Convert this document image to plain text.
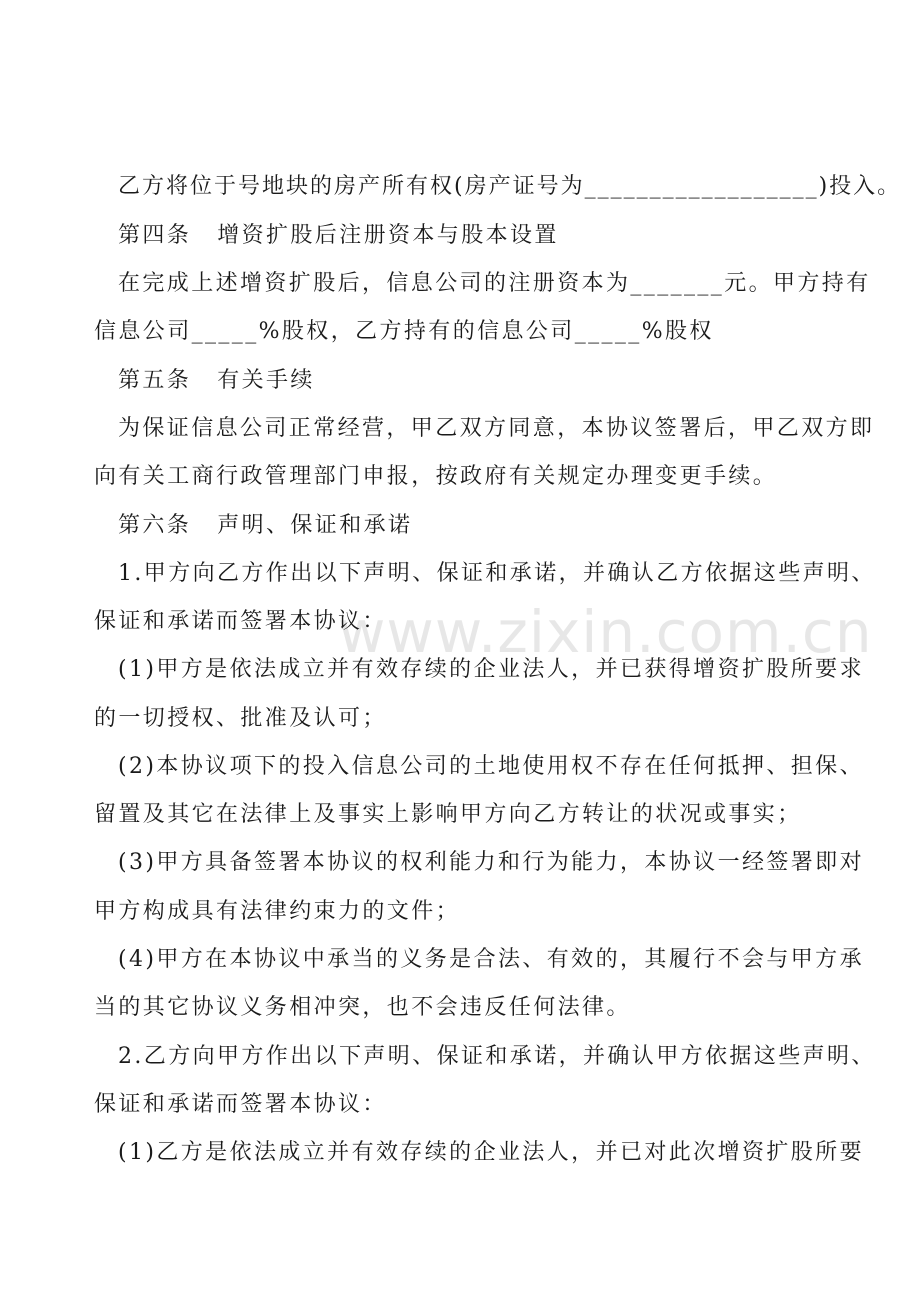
www.zixin.com.cn
乙方将位于号地块的房产所有权(房产证号为__________________)投入。
第四条 增资扩股后注册资本与股本设置
在完成上述增资扩股后，信息公司的注册资本为_______元。甲方持有
信息公司_____%股权，乙方持有的信息公司_____%股权
第五条 有关手续
为保证信息公司正常经营，甲乙双方同意，本协议签署后，甲乙双方即
向有关工商行政管理部门申报，按政府有关规定办理变更手续。
第六条 声明、保证和承诺
1.甲方向乙方作出以下声明、保证和承诺，并确认乙方依据这些声明、
保证和承诺而签署本协议：
(1)甲方是依法成立并有效存续的企业法人，并已获得增资扩股所要求
的一切授权、批准及认可；
(2)本协议项下的投入信息公司的土地使用权不存在任何抵押、担保、
留置及其它在法律上及事实上影响甲方向乙方转让的状况或事实；
(3)甲方具备签署本协议的权利能力和行为能力，本协议一经签署即对
甲方构成具有法律约束力的文件；
(4)甲方在本协议中承当的义务是合法、有效的，其履行不会与甲方承
当的其它协议义务相冲突，也不会违反任何法律。
2.乙方向甲方作出以下声明、保证和承诺，并确认甲方依据这些声明、
保证和承诺而签署本协议：
(1)乙方是依法成立并有效存续的企业法人，并已对此次增资扩股所要
